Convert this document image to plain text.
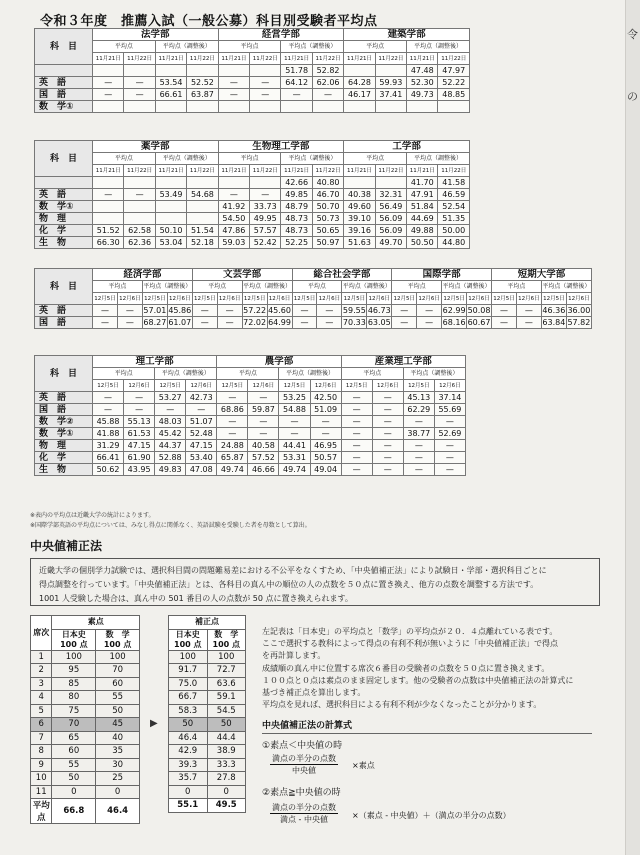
令
の
令和３年度　推薦入試（一般公募）科目別受験者平均点
科　目	法学部				経営学部				建築学部			
	平均点		平均点（調整後）		平均点		平均点（調整後）		平均点		平均点（調整後）	
	11月21日	11月22日	11月21日	11月22日	11月21日	11月22日	11月21日	11月22日	11月21日	11月22日	11月21日	11月22日
							51.78	52.82			47.48	47.97
英　語	—	—	53.54	52.52	—	—	64.12	62.06	64.28	59.93	52.30	52.22
国　語	—	—	66.61	63.87	—	—	—	—	46.17	37.41	49.73	48.85
数　学①												
科　目	薬学部				生物理工学部				工学部			
	平均点		平均点（調整後）		平均点		平均点（調整後）		平均点		平均点（調整後）	
	11月21日	11月22日	11月21日	11月22日	11月21日	11月22日	11月21日	11月22日	11月21日	11月22日	11月21日	11月22日
							42.66	40.80			41.70	41.58
英　語	—	—	53.49	54.68	—	—	49.85	46.70	40.38	32.31	47.91	46.59
数　学①					41.92	33.73	48.79	50.70	49.60	56.49	51.84	52.54
物　理					54.50	49.95	48.73	50.73	39.10	56.09	44.69	51.35
化　学	51.52	62.58	50.10	51.54	47.86	57.57	48.73	50.65	39.16	56.09	49.88	50.00
生　物	66.30	62.36	53.04	52.18	59.03	52.42	52.25	50.97	51.63	49.70	50.50	44.80
科　目	経済学部				文芸学部				総合社会学部				国際学部				短期大学部			
	平均点		平均点（調整後）		平均点		平均点（調整後）		平均点		平均点（調整後）		平均点		平均点（調整後）		平均点		平均点（調整後）	
	12月5日	12月6日	12月5日	12月6日	12月5日	12月6日	12月5日	12月6日	12月5日	12月6日	12月5日	12月6日	12月5日	12月6日	12月5日	12月6日	12月5日	12月6日	12月5日	12月6日
英　語	—	—	57.01	45.86	—	—	57.22	45.60	—	—	59.55	46.73	—	—	62.99	50.08	—	—	46.36	36.00
国　語	—	—	68.27	61.07	—	—	72.02	64.99	—	—	70.33	63.05	—	—	68.16	60.67	—	—	63.84	57.82
科　目	理工学部				農学部				産業理工学部			
	平均点		平均点（調整後）		平均点		平均点（調整後）		平均点		平均点（調整後）	
	12月5日	12月6日	12月5日	12月6日	12月5日	12月6日	12月5日	12月6日	12月5日	12月6日	12月5日	12月6日
英　語	—	—	53.27	42.73	—	—	53.25	42.50	—	—	45.13	37.14
国　語	—	—	—	—	68.86	59.87	54.88	51.09	—	—	62.29	55.69
数　学②	45.88	55.13	48.03	51.07	—	—	—	—	—	—	—	—
数　学①	41.88	61.53	45.42	52.48	—	—	—	—	—	—	38.77	52.69
物　理	31.29	47.15	44.37	47.15	24.88	40.58	44.41	46.95	—	—	—	—
化　学	66.41	61.90	52.88	53.40	65.87	57.52	53.31	50.57	—	—	—	—
生　物	50.62	43.95	49.83	47.08	49.74	46.66	49.74	49.04	—	—	—	—
※表内の平均点は近畿大学の統計によります。
※国際学部英語の平均点については、みなし得点に関係なく、英語試験を受験した者を母数として算出。
中央値補正法
近畿大学の個別学力試験では、選択科目間の問題難易差における不公平をなくすため、「中央値補正法」により試験日・学部・選択科目ごとに
得点調整を行っています。「中央値補正法」とは、各科目の真ん中の順位の人の点数を５０点に置き換え、他方の点数を調整する方法です。
1001 人受験した場合は、真ん中の 501 番目の人の点数が 50 点に置き換えられます。
席次	素点	
	日本史 100 点	数　学 100 点
1	100	100
2	95	70
3	85	60
4	80	55
5	75	50
6	70	45
7	65	40
8	60	35
9	55	30
10	50	25
11	0	0
平均点	66.8	46.4
▶
補正点	
日本史 100 点	数　学 100 点
100	100
91.7	72.7
75.0	63.6
66.7	59.1
58.3	54.5
50	50
46.4	44.4
42.9	38.9
39.3	33.3
35.7	27.8
0	0
55.1	49.5
左記表は「日本史」の平均点と「数学」の平均点が２０．４点離れている表です。
ここで選択する教科によって得点の有利不利が無いように「中央値補正法」で得点
を再計算します。
成績順の真ん中に位置する席次６番目の受験者の点数を５０点に置き換えます。
１００点と０点は素点のまま固定します。他の受験者の点数は中央値補正法の計算式に
基づき補正点を算出します。
平均点を見れば、選択科目による有利不利が少なくなったことが分かります。
中央値補正法の計算式
①素点＜中央値の時
満点の半分の点数
中央値
×素点
②素点≧中央値の時
満点の半分の点数
満点 - 中央値	×（素点 - 中央値）＋（満点の半分の点数）
